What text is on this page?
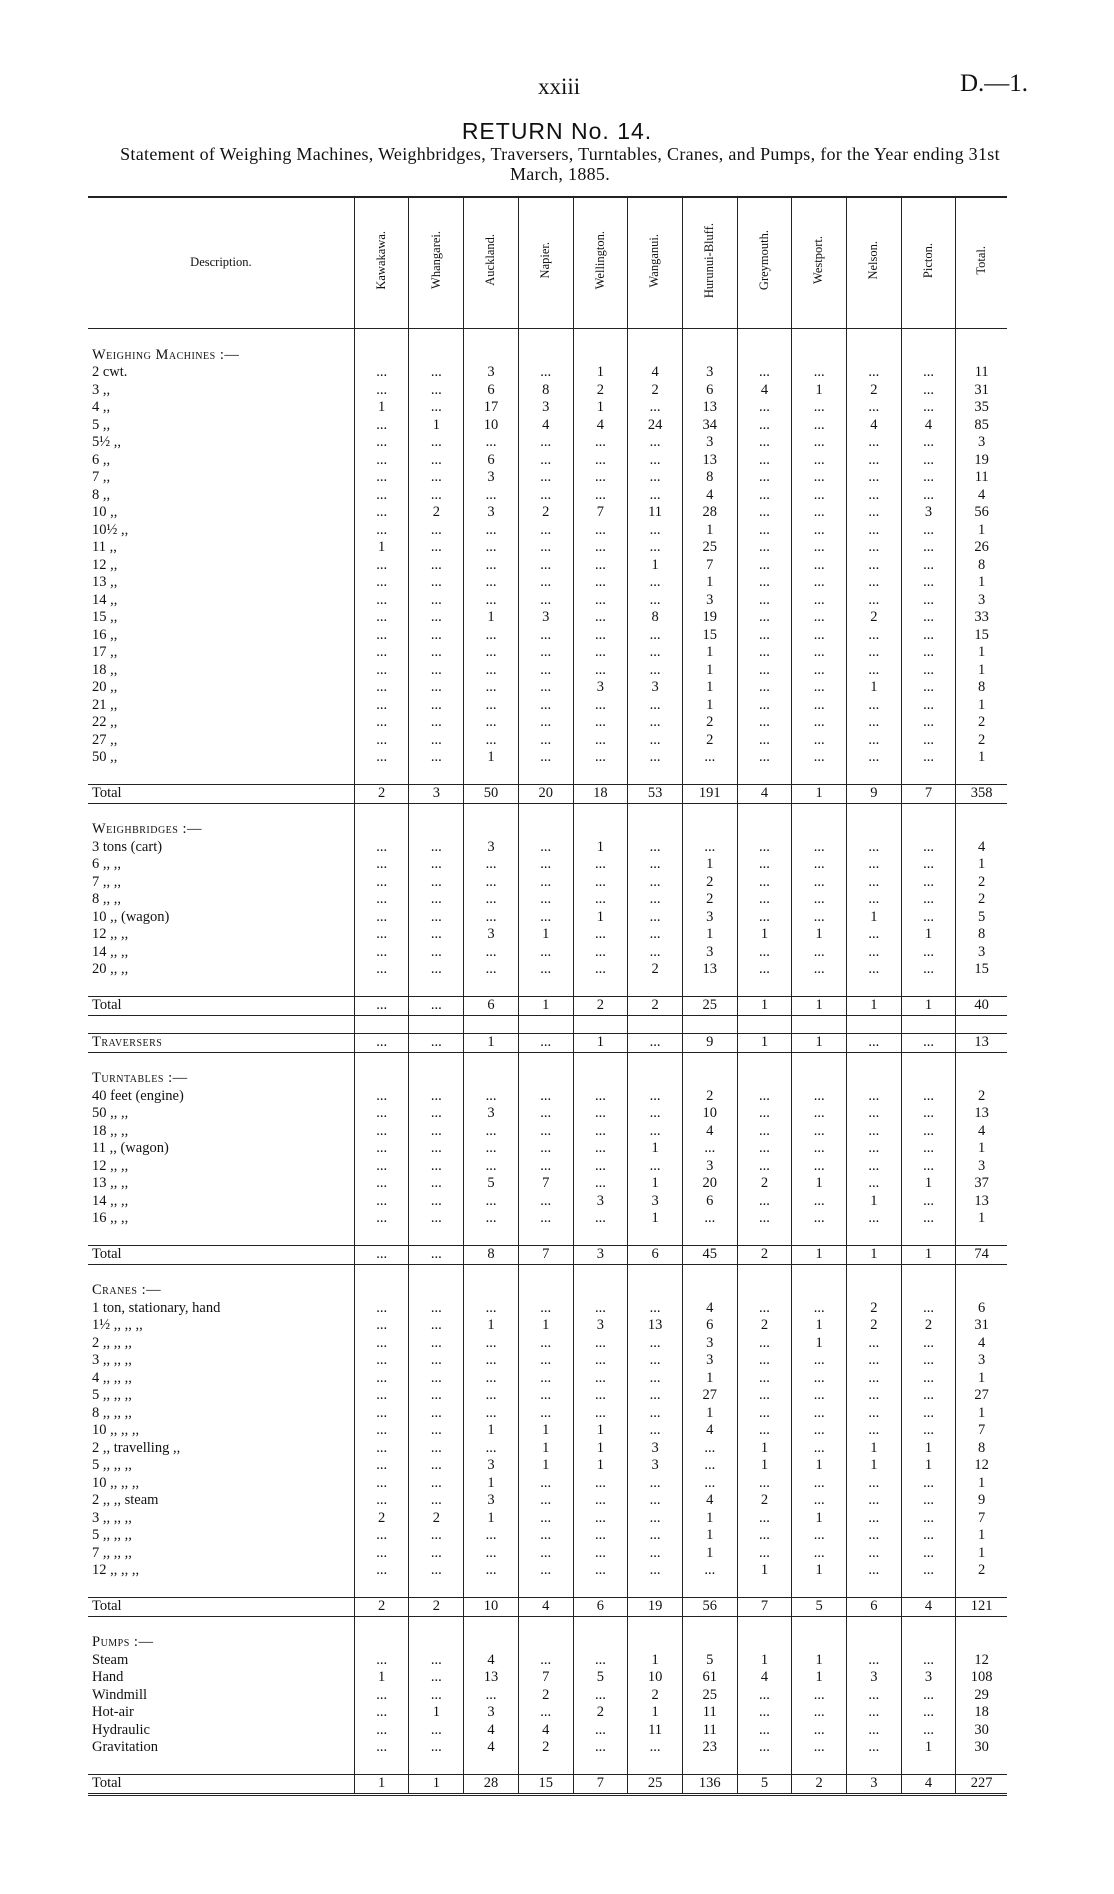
xxiii	D.—1.
RETURN No. 14.
Statement of Weighing Machines, Weighbridges, Traversers, Turntables, Cranes, and Pumps, for the Year ending 31st March, 1885.
Description.	Kawakawa.	Whangarei.	Auckland.	Napier.	Wellington.	Wanganui.	Hurunui-Bluff.	Greymouth.	Westport.	Nelson.	Picton.	Total.

Weighing Machines :—												
2 cwt.	...	...	3	...	1	4	3	...	...	...	...	11
3 ,,	...	...	6	8	2	2	6	4	1	2	...	31
4 ,,	1	...	17	3	1	...	13	...	...	...	...	35
5 ,,	...	1	10	4	4	24	34	...	...	4	4	85
5½ ,,	...	...	...	...	...	...	3	...	...	...	...	3
6 ,,	...	...	6	...	...	...	13	...	...	...	...	19
7 ,,	...	...	3	...	...	...	8	...	...	...	...	11
8 ,,	...	...	...	...	...	...	4	...	...	...	...	4
10 ,,	...	2	3	2	7	11	28	...	...	...	3	56
10½ ,,	...	...	...	...	...	...	1	...	...	...	...	1
11 ,,	1	...	...	...	...	...	25	...	...	...	...	26
12 ,,	...	...	...	...	...	1	7	...	...	...	...	8
13 ,,	...	...	...	...	...	...	1	...	...	...	...	1
14 ,,	...	...	...	...	...	...	3	...	...	...	...	3
15 ,,	...	...	1	3	...	8	19	...	...	2	...	33
16 ,,	...	...	...	...	...	...	15	...	...	...	...	15
17 ,,	...	...	...	...	...	...	1	...	...	...	...	1
18 ,,	...	...	...	...	...	...	1	...	...	...	...	1
20 ,,	...	...	...	...	3	3	1	...	...	1	...	8
21 ,,	...	...	...	...	...	...	1	...	...	...	...	1
22 ,,	...	...	...	...	...	...	2	...	...	...	...	2
27 ,,	...	...	...	...	...	...	2	...	...	...	...	2
50 ,,	...	...	1	...	...	...	...	...	...	...	...	1

Total	2	3	50	20	18	53	191	4	1	9	7	358

Weighbridges :—												
3 tons (cart)	...	...	3	...	1	...	...	...	...	...	...	4
6 ,, ,,	...	...	...	...	...	...	1	...	...	...	...	1
7 ,, ,,	...	...	...	...	...	...	2	...	...	...	...	2
8 ,, ,,	...	...	...	...	...	...	2	...	...	...	...	2
10 ,, (wagon)	...	...	...	...	1	...	3	...	...	1	...	5
12 ,, ,,	...	...	3	1	...	...	1	1	1	...	1	8
14 ,, ,,	...	...	...	...	...	...	3	...	...	...	...	3
20 ,, ,,	...	...	...	...	...	2	13	...	...	...	...	15

Total	...	...	6	1	2	2	25	1	1	1	1	40

Traversers	...	...	1	...	1	...	9	1	1	...	...	13

Turntables :—												
40 feet (engine)	...	...	...	...	...	...	2	...	...	...	...	2
50 ,, ,,	...	...	3	...	...	...	10	...	...	...	...	13
18 ,, ,,	...	...	...	...	...	...	4	...	...	...	...	4
11 ,, (wagon)	...	...	...	...	...	1	...	...	...	...	...	1
12 ,, ,,	...	...	...	...	...	...	3	...	...	...	...	3
13 ,, ,,	...	...	5	7	...	1	20	2	1	...	1	37
14 ,, ,,	...	...	...	...	3	3	6	...	...	1	...	13
16 ,, ,,	...	...	...	...	...	1	...	...	...	...	...	1

Total	...	...	8	7	3	6	45	2	1	1	1	74

Cranes :—												
1 ton, stationary, hand	...	...	...	...	...	...	4	...	...	2	...	6
1½ ,, ,, ,,	...	...	1	1	3	13	6	2	1	2	2	31
2 ,, ,, ,,	...	...	...	...	...	...	3	...	1	...	...	4
3 ,, ,, ,,	...	...	...	...	...	...	3	...	...	...	...	3
4 ,, ,, ,,	...	...	...	...	...	...	1	...	...	...	...	1
5 ,, ,, ,,	...	...	...	...	...	...	27	...	...	...	...	27
8 ,, ,, ,,	...	...	...	...	...	...	1	...	...	...	...	1
10 ,, ,, ,,	...	...	1	1	1	...	4	...	...	...	...	7
2 ,, travelling ,,	...	...	...	1	1	3	...	1	...	1	1	8
5 ,, ,, ,,	...	...	3	1	1	3	...	1	1	1	1	12
10 ,, ,, ,,	...	...	1	...	...	...	...	...	...	...	...	1
2 ,, ,, steam	...	...	3	...	...	...	4	2	...	...	...	9
3 ,, ,, ,,	2	2	1	...	...	...	1	...	1	...	...	7
5 ,, ,, ,,	...	...	...	...	...	...	1	...	...	...	...	1
7 ,, ,, ,,	...	...	...	...	...	...	1	...	...	...	...	1
12 ,, ,, ,,	...	...	...	...	...	...	...	1	1	...	...	2

Total	2	2	10	4	6	19	56	7	5	6	4	121

Pumps :—												
Steam	...	...	4	...	...	1	5	1	1	...	...	12
Hand	1	...	13	7	5	10	61	4	1	3	3	108
Windmill	...	...	...	2	...	2	25	...	...	...	...	29
Hot-air	...	1	3	...	2	1	11	...	...	...	...	18
Hydraulic	...	...	4	4	...	11	11	...	...	...	...	30
Gravitation	...	...	4	2	...	...	23	...	...	...	1	30

Total	1	1	28	15	7	25	136	5	2	3	4	227
